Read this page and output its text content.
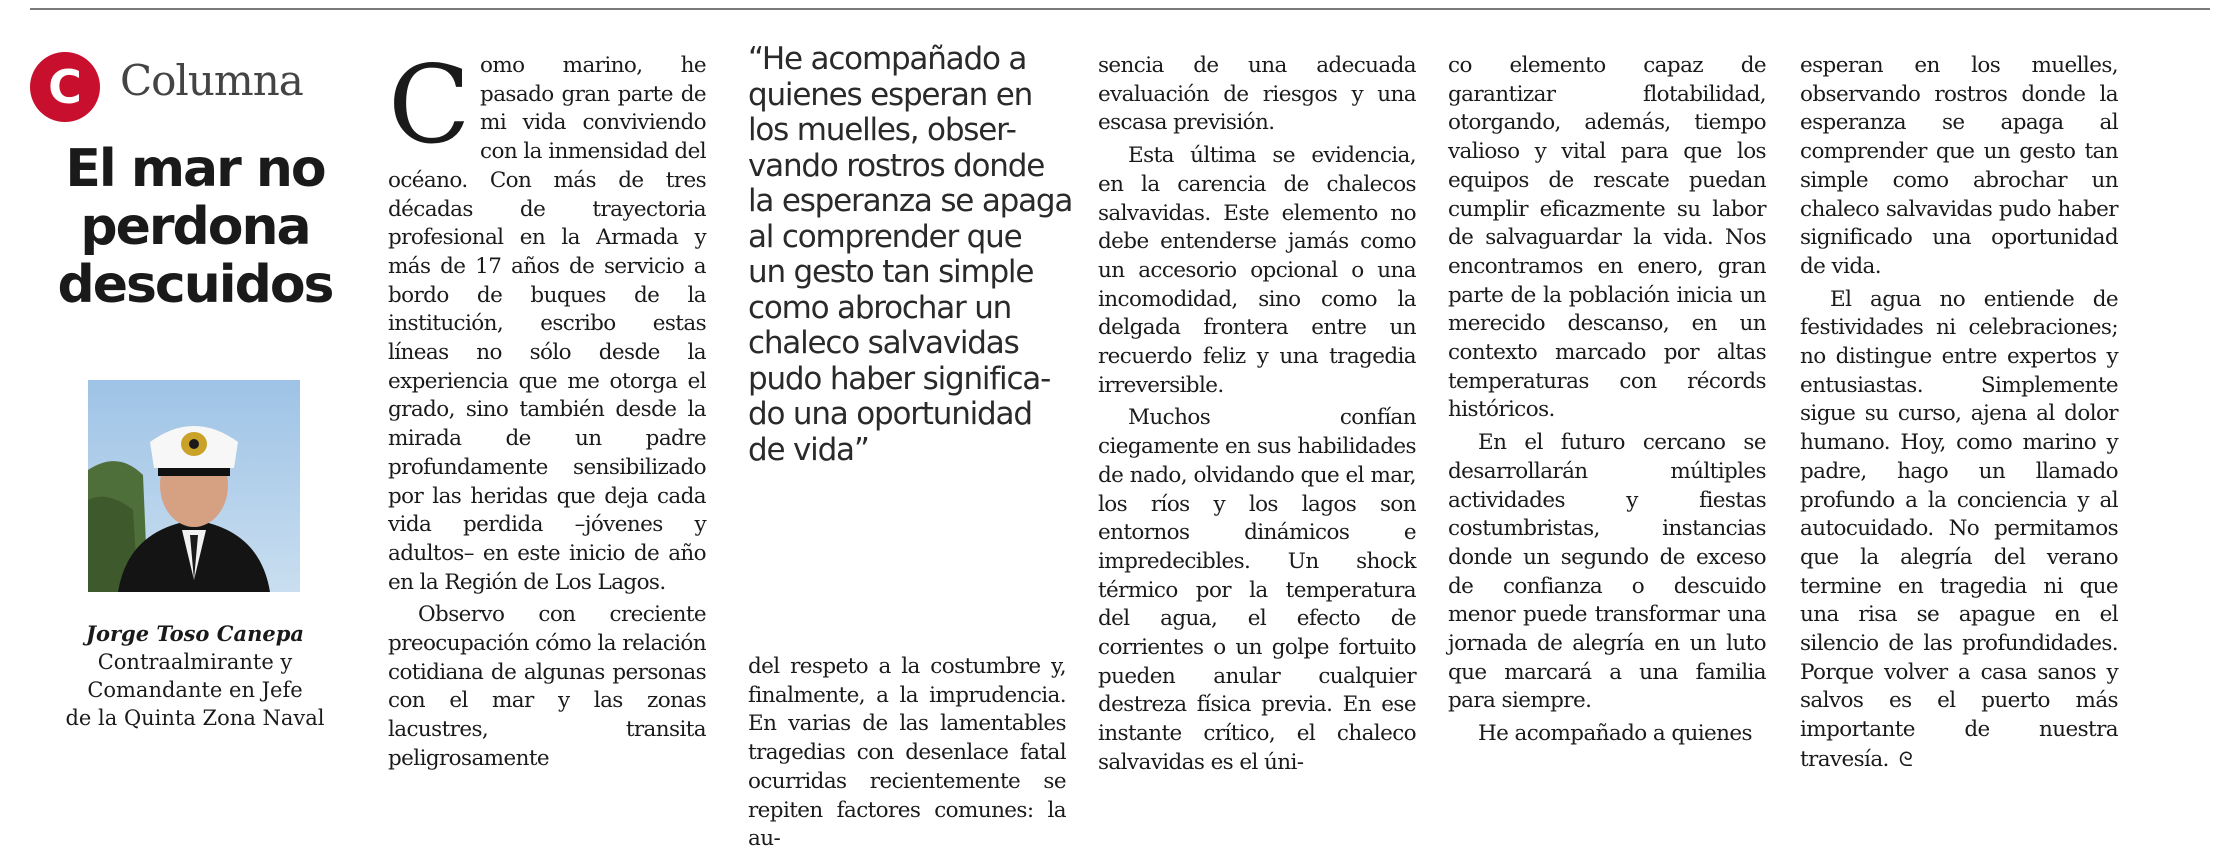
C Columna
El mar no
perdona
descuidos
Jorge Toso Canepa
Contraalmirante y
Comandante en Jefe
de la Quinta Zona Naval

Como marino, he pasado gran parte de mi vida conviviendo con la inmensidad del océano. Con más de tres décadas de trayectoria profesional en la Armada y más de 17 años de servicio a bordo de buques de la institución, escribo estas líneas no sólo desde la experiencia que me otorga el grado, sino también desde la mirada de un padre profundamente sensibilizado por las heridas que deja cada vida perdida –jóvenes y adultos– en este inicio de año en la Región de Los Lagos.

Observo con creciente preocupación cómo la relación cotidiana de algunas personas con el mar y las zonas lacustres, transita peligrosamente

“He acompañado a
quienes esperan en
los muelles, obser-
vando rostros donde
la esperanza se apaga
al comprender que
un gesto tan simple
como abrochar un
chaleco salvavidas
pudo haber significa-
do una oportunidad
de vida”

del respeto a la costumbre y, finalmente, a la imprudencia. En varias de las lamentables tragedias con desenlace fatal ocurridas recientemente se repiten factores comunes: la au-

sencia de una adecuada evaluación de riesgos y una escasa previsión.

Esta última se evidencia, en la carencia de chalecos salvavidas. Este elemento no debe entenderse jamás como un accesorio opcional o una incomodidad, sino como la delgada frontera entre un recuerdo feliz y una tragedia irreversible.

Muchos confían ciegamente en sus habilidades de nado, olvidando que el mar, los ríos y los lagos son entornos dinámicos e impredecibles. Un shock térmico por la temperatura del agua, el efecto de corrientes o un golpe fortuito pueden anular cualquier destreza física previa. En ese instante crítico, el chaleco salvavidas es el úni-

co elemento capaz de garantizar flotabilidad, otorgando, además, tiempo valioso y vital para que los equipos de rescate puedan cumplir eficazmente su labor de salvaguardar la vida. Nos encontramos en enero, gran parte de la población inicia un merecido descanso, en un contexto marcado por altas temperaturas con récords históricos.

En el futuro cercano se desarrollarán múltiples actividades y fiestas costumbristas, instancias donde un segundo de exceso de confianza o descuido menor puede transformar una jornada de alegría en un luto que marcará a una familia para siempre.

He acompañado a quienes

esperan en los muelles, observando rostros donde la esperanza se apaga al comprender que un gesto tan simple como abrochar un chaleco salvavidas pudo haber significado una oportunidad de vida.

El agua no entiende de festividades ni celebraciones; no distingue entre expertos y entusiastas. Simplemente sigue su curso, ajena al dolor humano. Hoy, como marino y padre, hago un llamado profundo a la conciencia y al autocuidado. No permitamos que la alegría del verano termine en tragedia ni que una risa se apague en el silencio de las profundidades. Porque volver a casa sanos y salvos es el puerto más importante de nuestra travesía. ᘓ
